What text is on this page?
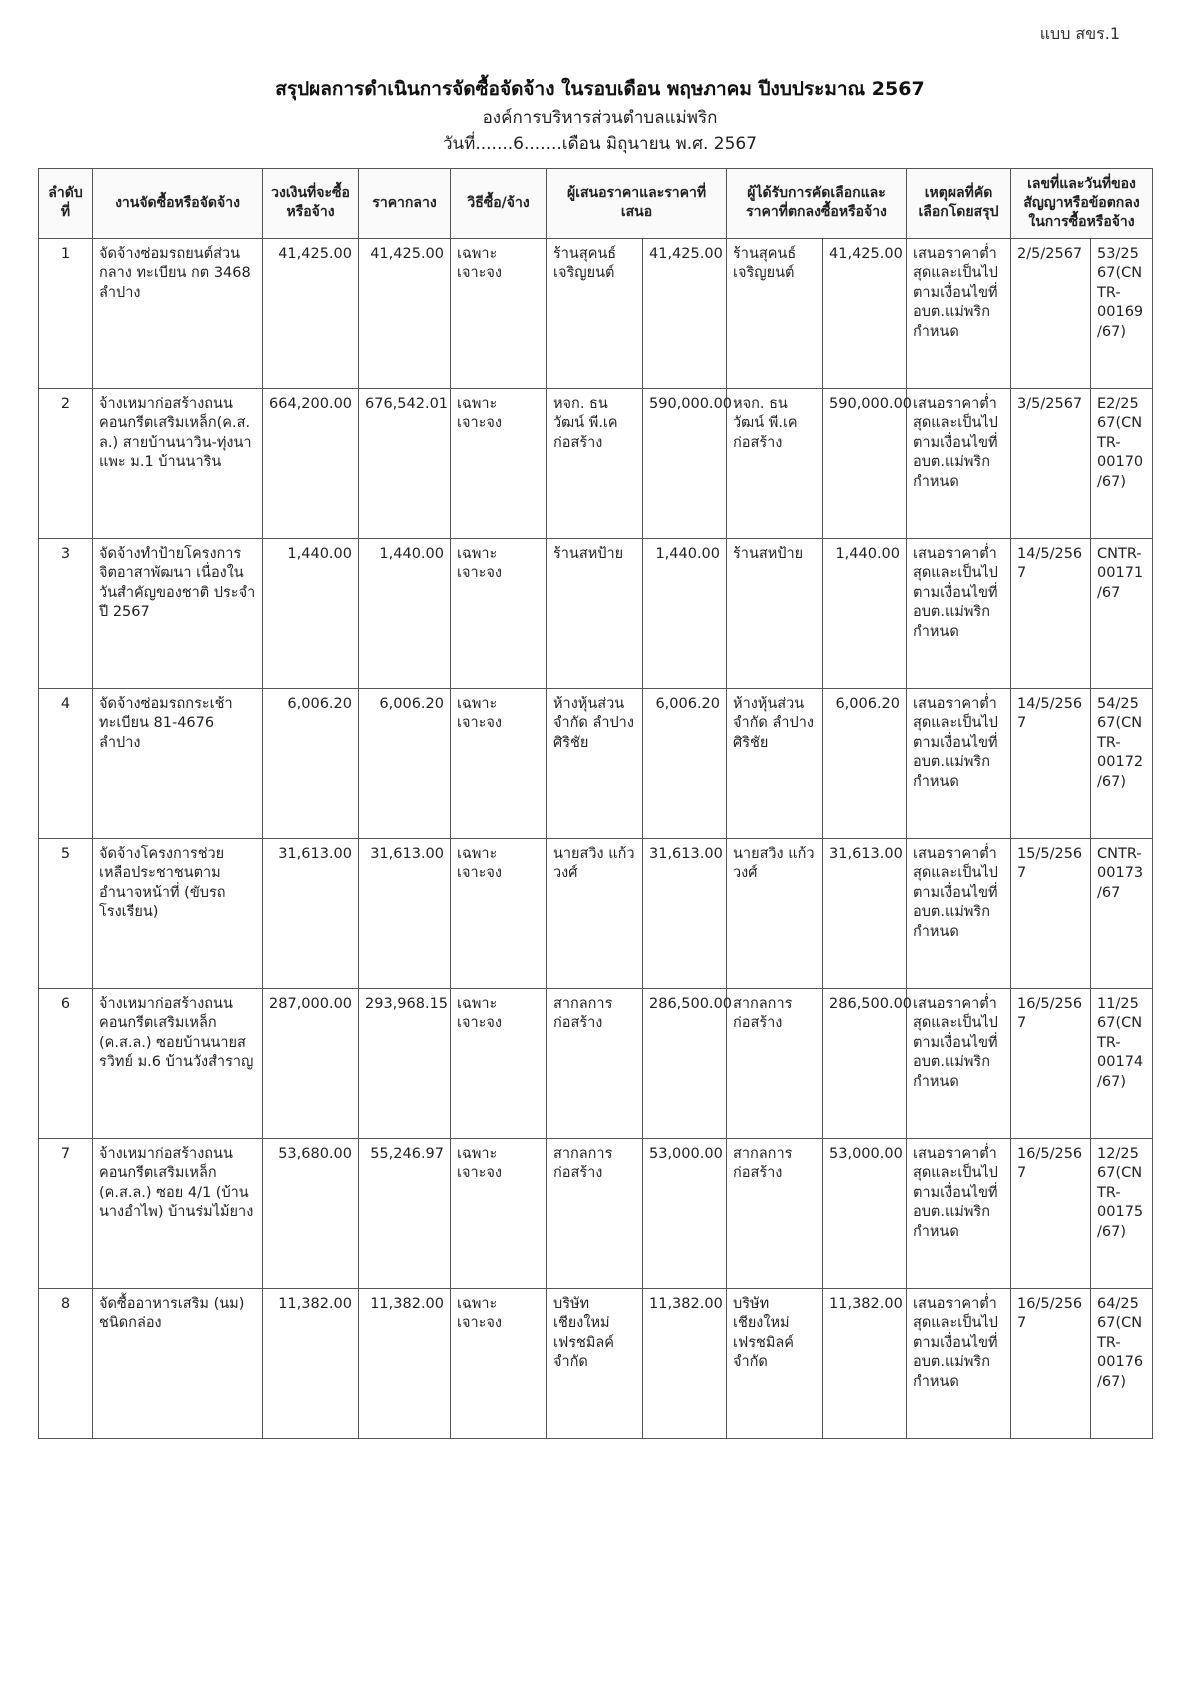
แบบ สขร.1
สรุปผลการดำเนินการจัดซื้อจัดจ้าง ในรอบเดือน พฤษภาคม ปีงบประมาณ 2567
องค์การบริหารส่วนตำบลแม่พริก
วันที่.......6.......เดือน มิถุนายน พ.ศ. 2567
ลำดับที่	งานจัดซื้อหรือจัดจ้าง	วงเงินที่จะซื้อหรือจ้าง	ราคากลาง	วิธีซื้อ/จ้าง	ผู้เสนอราคาและราคาที่เสนอ		ผู้ได้รับการคัดเลือกและราคาที่ตกลงซื้อหรือจ้าง		เหตุผลที่คัดเลือกโดยสรุป	เลขที่และวันที่ของสัญญาหรือข้อตกลงในการซื้อหรือจ้าง	
1	จัดจ้างซ่อมรถยนต์ส่วนกลาง ทะเบียน กต 3468 ลำปาง	41,425.00	41,425.00	เฉพาะเจาะจง	ร้านสุคนธ์เจริญยนต์	41,425.00	ร้านสุคนธ์เจริญยนต์	41,425.00	เสนอราคาต่ำสุดและเป็นไปตามเงื่อนไขที่ อบต.แม่พริกกำหนด	2/5/2567	53/2567(CNTR-00169/67)
2	จ้างเหมาก่อสร้างถนนคอนกรีตเสริมเหล็ก(ค.ส.ล.) สายบ้านนาวิน-ทุ่งนาแพะ ม.1 บ้านนาริน	664,200.00	676,542.01	เฉพาะเจาะจง	หจก. ธนวัฒน์ พี.เค ก่อสร้าง	590,000.00	หจก. ธนวัฒน์ พี.เค ก่อสร้าง	590,000.00	เสนอราคาต่ำสุดและเป็นไปตามเงื่อนไขที่ อบต.แม่พริกกำหนด	3/5/2567	E2/2567(CNTR-00170/67)
3	จัดจ้างทำป้ายโครงการจิตอาสาพัฒนา เนื่องในวันสำคัญของชาติ ประจำปี 2567	1,440.00	1,440.00	เฉพาะเจาะจง	ร้านสหป้าย	1,440.00	ร้านสหป้าย	1,440.00	เสนอราคาต่ำสุดและเป็นไปตามเงื่อนไขที่ อบต.แม่พริกกำหนด	14/5/2567	CNTR-00171/67
4	จัดจ้างซ่อมรถกระเช้า ทะเบียน 81-4676 ลำปาง	6,006.20	6,006.20	เฉพาะเจาะจง	ห้างหุ้นส่วนจำกัด ลำปางศิริชัย	6,006.20	ห้างหุ้นส่วนจำกัด ลำปางศิริชัย	6,006.20	เสนอราคาต่ำสุดและเป็นไปตามเงื่อนไขที่ อบต.แม่พริกกำหนด	14/5/2567	54/2567(CNTR-00172/67)
5	จัดจ้างโครงการช่วยเหลือประชาชนตามอำนาจหน้าที่ (ขับรถโรงเรียน)	31,613.00	31,613.00	เฉพาะเจาะจง	นายสวิง แก้ววงศ์	31,613.00	นายสวิง แก้ววงศ์	31,613.00	เสนอราคาต่ำสุดและเป็นไปตามเงื่อนไขที่ อบต.แม่พริกกำหนด	15/5/2567	CNTR-00173/67
6	จ้างเหมาก่อสร้างถนนคอนกรีตเสริมเหล็ก (ค.ส.ล.) ซอยบ้านนายสรวิทย์ ม.6 บ้านวังสำราญ	287,000.00	293,968.15	เฉพาะเจาะจง	สากลการก่อสร้าง	286,500.00	สากลการก่อสร้าง	286,500.00	เสนอราคาต่ำสุดและเป็นไปตามเงื่อนไขที่ อบต.แม่พริกกำหนด	16/5/2567	11/2567(CNTR-00174/67)
7	จ้างเหมาก่อสร้างถนนคอนกรีตเสริมเหล็ก (ค.ส.ล.) ซอย 4/1 (บ้านนางอำไพ) บ้านร่มไม้ยาง	53,680.00	55,246.97	เฉพาะเจาะจง	สากลการก่อสร้าง	53,000.00	สากลการก่อสร้าง	53,000.00	เสนอราคาต่ำสุดและเป็นไปตามเงื่อนไขที่ อบต.แม่พริกกำหนด	16/5/2567	12/2567(CNTR-00175/67)
8	จัดซื้ออาหารเสริม (นม) ชนิดกล่อง	11,382.00	11,382.00	เฉพาะเจาะจง	บริษัท เชียงใหม่เฟรชมิลค์ จำกัด	11,382.00	บริษัท เชียงใหม่เฟรชมิลค์ จำกัด	11,382.00	เสนอราคาต่ำสุดและเป็นไปตามเงื่อนไขที่ อบต.แม่พริกกำหนด	16/5/2567	64/2567(CNTR-00176/67)
